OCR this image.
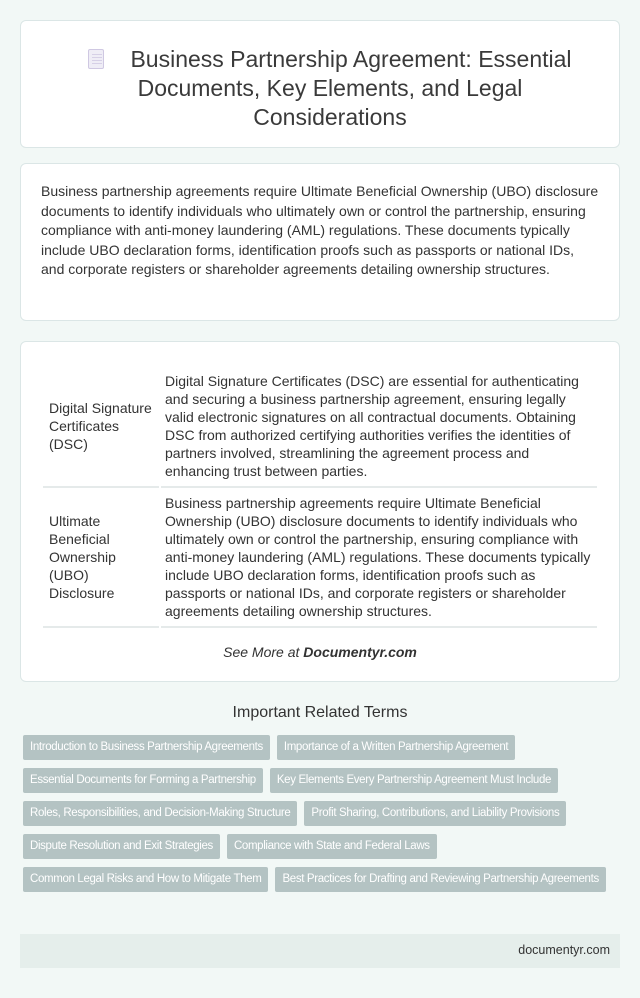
Business Partnership Agreement: Essential Documents, Key Elements, and Legal Considerations

Business partnership agreements require Ultimate Beneficial Ownership (UBO) disclosure documents to identify individuals who ultimately own or control the partnership, ensuring compliance with anti-money laundering (AML) regulations. These documents typically include UBO declaration forms, identification proofs such as passports or national IDs, and corporate registers or shareholder agreements detailing ownership structures.

Digital Signature Certificates (DSC)	Digital Signature Certificates (DSC) are essential for authenticating and securing a business partnership agreement, ensuring legally valid electronic signatures on all contractual documents. Obtaining DSC from authorized certifying authorities verifies the identities of partners involved, streamlining the agreement process and enhancing trust between parties.
Ultimate Beneficial Ownership (UBO) Disclosure	Business partnership agreements require Ultimate Beneficial Ownership (UBO) disclosure documents to identify individuals who ultimately own or control the partnership, ensuring compliance with anti-money laundering (AML) regulations. These documents typically include UBO declaration forms, identification proofs such as passports or national IDs, and corporate registers or shareholder agreements detailing ownership structures.
See More at Documentyr.com
Important Related Terms
Introduction to Business Partnership Agreements	Importance of a Written Partnership Agreement
Essential Documents for Forming a Partnership	Key Elements Every Partnership Agreement Must Include
Roles, Responsibilities, and Decision-Making Structure	Profit Sharing, Contributions, and Liability Provisions
Dispute Resolution and Exit Strategies	Compliance with State and Federal Laws
Common Legal Risks and How to Mitigate Them	Best Practices for Drafting and Reviewing Partnership Agreements
documentyr.com
